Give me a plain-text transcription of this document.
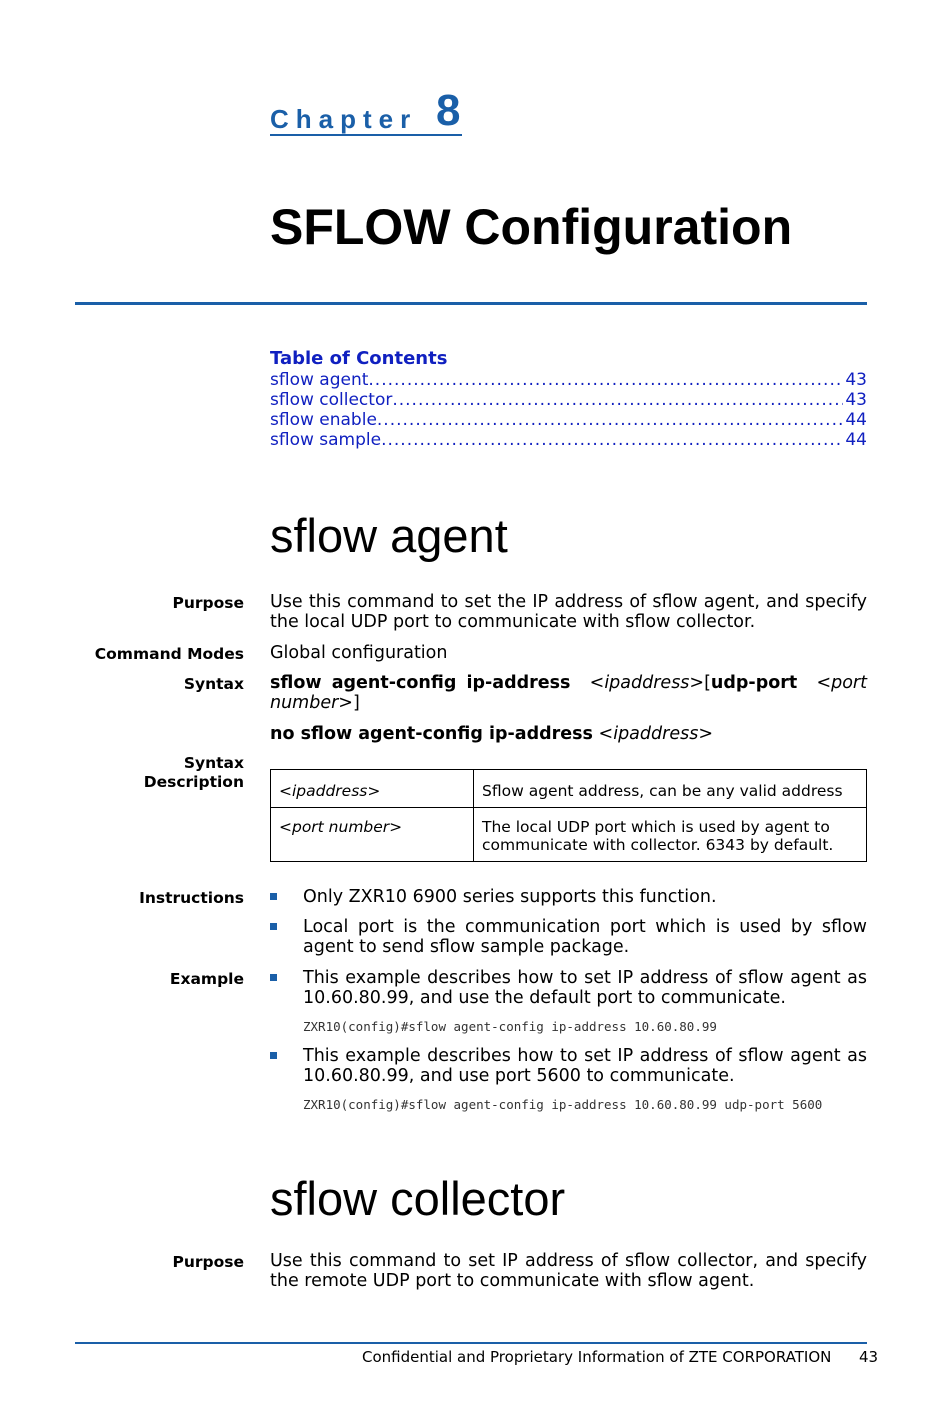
Chapter 8
SFLOW Configuration
Table of Contents
sflow agent .....	43
sflow collector .....	43
sflow enable .....	44
sflow sample .....	44
sflow agent
Purpose Use this command to set the IP address of sflow agent, and specify the local UDP port to communicate with sflow collector.
Command Modes Global configuration
Syntax sflow agent-config ip-address <ipaddress>[udp-port <port number>]
no sflow agent-config ip-address <ipaddress>
Syntax
Description <ipaddress>	Sflow agent address, can be any valid address
<port number>	The local UDP port which is used by agent to communicate with collector. 6343 by default.
Instructions	Only ZXR10 6900 series supports this function.
Local port is the communication port which is used by sflow agent to send sflow sample package.
Example	This example describes how to set IP address of sflow agent as 10.60.80.99, and use the default port to communicate.
ZXR10(config)#sflow agent-config ip-address 10.60.80.99
This example describes how to set IP address of sflow agent as 10.60.80.99, and use port 5600 to communicate.
ZXR10(config)#sflow agent-config ip-address 10.60.80.99 udp-port 5600
sflow collector
Purpose Use this command to set IP address of sflow collector, and specify the remote UDP port to communicate with sflow agent.
Confidential and Proprietary Information of ZTE CORPORATION 43
